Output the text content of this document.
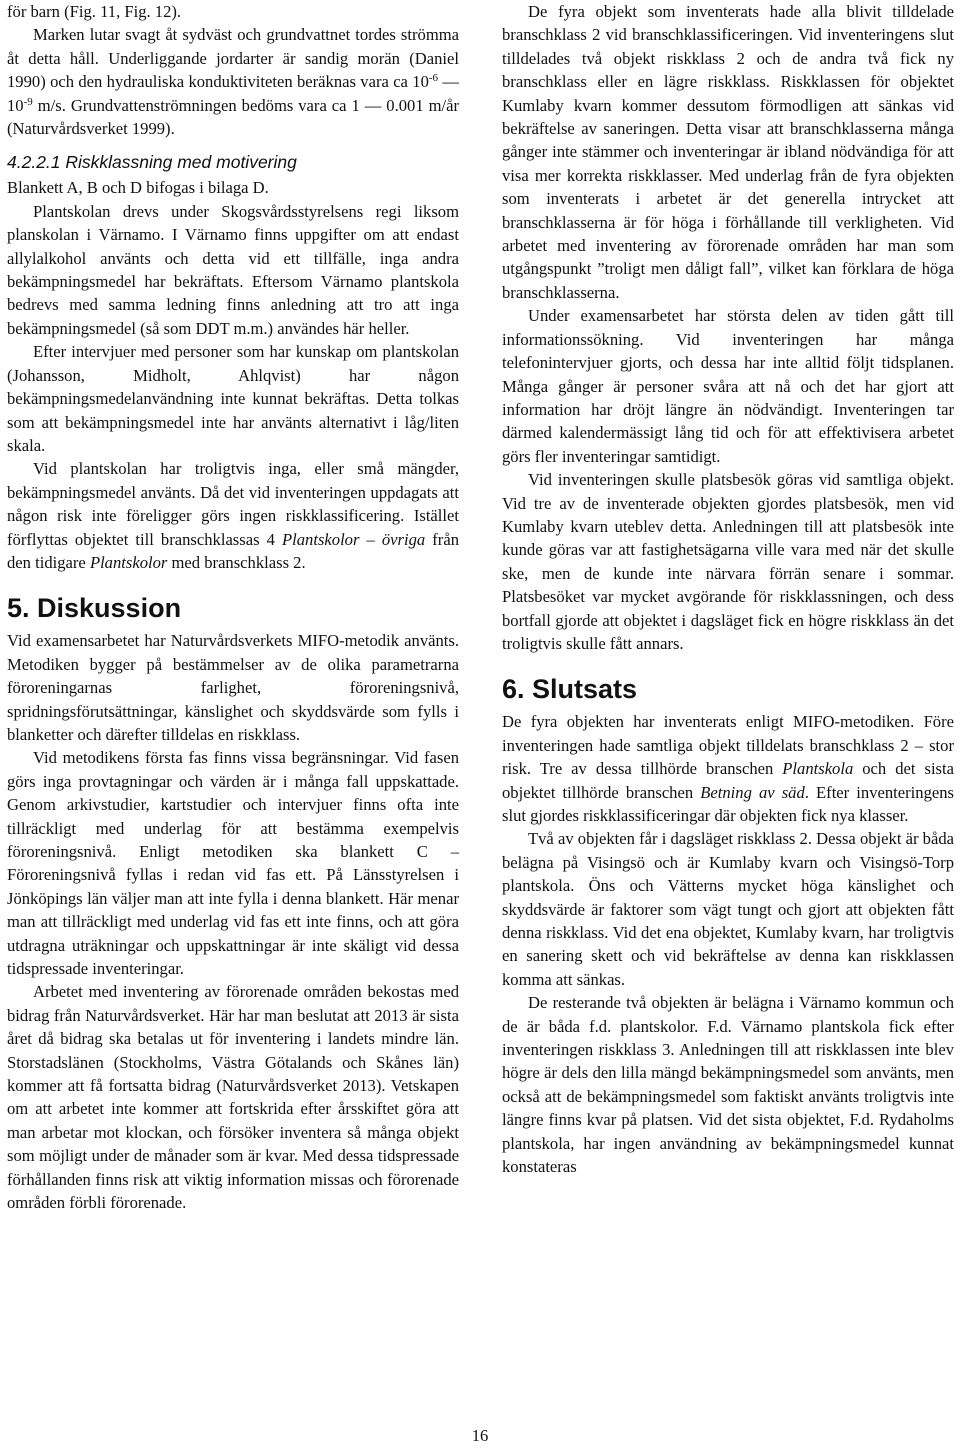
för barn (Fig. 11, Fig. 12).

Marken lutar svagt åt sydväst och grundvattnet tordes strömma åt detta håll. Underliggande jordarter är sandig morän (Daniel 1990) och den hydrauliska konduktiviteten beräknas vara ca $10^{-6}$ — $10^{-9}$ m/s. Grundvattenströmningen bedöms vara ca 1 — 0.001 m/år (Naturvårdsverket 1999).

4.2.2.1 Riskklassning med motivering

Blankett A, B och D bifogas i bilaga D.

Plantskolan drevs under Skogsvårdsstyrelsens regi liksom planskolan i Värnamo. I Värnamo finns uppgifter om att endast allylalkohol använts och detta vid ett tillfälle, inga andra bekämpningsmedel har bekräftats. Eftersom Värnamo plantskola bedrevs med samma ledning finns anledning att tro att inga bekämpningsmedel (så som DDT m.m.) användes här heller.

Efter intervjuer med personer som har kunskap om plantskolan (Johansson, Midholt, Ahlqvist) har någon bekämpningsmedelanvändning inte kunnat bekräftas. Detta tolkas som att bekämpningsmedel inte har använts alternativt i låg/liten skala.

Vid plantskolan har troligtvis inga, eller små mängder, bekämpningsmedel använts. Då det vid inventeringen uppdagats att någon risk inte föreligger görs ingen riskklassificering. Istället förflyttas objektet till branschklassas 4 Plantskolor – övriga från den tidigare Plantskolor med branschklass 2.

5. Diskussion

Vid examensarbetet har Naturvårdsverkets MIFO-metodik använts. Metodiken bygger på bestämmelser av de olika parametrarna föroreningarnas farlighet, föroreningsnivå, spridningsförutsättningar, känslighet och skyddsvärde som fylls i blanketter och därefter tilldelas en riskklass.

Vid metodikens första fas finns vissa begränsningar. Vid fasen görs inga provtagningar och värden är i många fall uppskattade. Genom arkivstudier, kartstudier och intervjuer finns ofta inte tillräckligt med underlag för att bestämma exempelvis föroreningsnivå. Enligt metodiken ska blankett C – Föroreningsnivå fyllas i redan vid fas ett. På Länsstyrelsen i Jönköpings län väljer man att inte fylla i denna blankett. Här menar man att tillräckligt med underlag vid fas ett inte finns, och att göra utdragna uträkningar och uppskattningar är inte skäligt vid dessa tidspressade inventeringar.

Arbetet med inventering av förorenade områden bekostas med bidrag från Naturvårdsverket. Här har man beslutat att 2013 är sista året då bidrag ska betalas ut för inventering i landets mindre län. Storstadslänen (Stockholms, Västra Götalands och Skånes län) kommer att få fortsatta bidrag (Naturvårdsverket 2013). Vetskapen om att arbetet inte kommer att fortskrida efter årsskiftet göra att man arbetar mot klockan, och försöker inventera så många objekt som möjligt under de månader som är kvar. Med dessa tidspressade förhållanden finns risk att viktig information missas och förorenade områden förbli förorenade.

De fyra objekt som inventerats hade alla blivit tilldelade branschklass 2 vid branschklassificeringen. Vid inventeringens slut tilldelades två objekt riskklass 2 och de andra två fick ny branschklass eller en lägre riskklass. Riskklassen för objektet Kumlaby kvarn kommer dessutom förmodligen att sänkas vid bekräftelse av saneringen. Detta visar att branschklasserna många gånger inte stämmer och inventeringar är ibland nödvändiga för att visa mer korrekta riskklasser. Med underlag från de fyra objekten som inventerats i arbetet är det generella intrycket att branschklasserna är för höga i förhållande till verkligheten. Vid arbetet med inventering av förorenade områden har man som utgångspunkt ”troligt men dåligt fall”, vilket kan förklara de höga branschklasserna.

Under examensarbetet har största delen av tiden gått till informationssökning. Vid inventeringen har många telefonintervjuer gjorts, och dessa har inte alltid följt tidsplanen. Många gånger är personer svåra att nå och det har gjort att information har dröjt längre än nödvändigt. Inventeringen tar därmed kalendermässigt lång tid och för att effektivisera arbetet görs fler inventeringar samtidigt.

Vid inventeringen skulle platsbesök göras vid samtliga objekt. Vid tre av de inventerade objekten gjordes platsbesök, men vid Kumlaby kvarn uteblev detta. Anledningen till att platsbesök inte kunde göras var att fastighetsägarna ville vara med när det skulle ske, men de kunde inte närvara förrän senare i sommar. Platsbesöket var mycket avgörande för riskklassningen, och dess bortfall gjorde att objektet i dagsläget fick en högre riskklass än det troligtvis skulle fått annars.

6. Slutsats

De fyra objekten har inventerats enligt MIFO-metodiken. Före inventeringen hade samtliga objekt tilldelats branschklass 2 – stor risk. Tre av dessa tillhörde branschen Plantskola och det sista objektet tillhörde branschen Betning av säd. Efter inventeringens slut gjordes riskklassificeringar där objekten fick nya klasser.

Två av objekten får i dagsläget riskklass 2. Dessa objekt är båda belägna på Visingsö och är Kumlaby kvarn och Visingsö-Torp plantskola. Öns och Vätterns mycket höga känslighet och skyddsvärde är faktorer som vägt tungt och gjort att objekten fått denna riskklass. Vid det ena objektet, Kumlaby kvarn, har troligtvis en sanering skett och vid bekräftelse av denna kan riskklassen komma att sänkas.

De resterande två objekten är belägna i Värnamo kommun och de är båda f.d. plantskolor. F.d. Värnamo plantskola fick efter inventeringen riskklass 3. Anledningen till att riskklassen inte blev högre är dels den lilla mängd bekämpningsmedel som använts, men också att de bekämpningsmedel som faktiskt använts troligtvis inte längre finns kvar på platsen. Vid det sista objektet, F.d. Rydaholms plantskola, har ingen användning av bekämpningsmedel kunnat konstateras

16
